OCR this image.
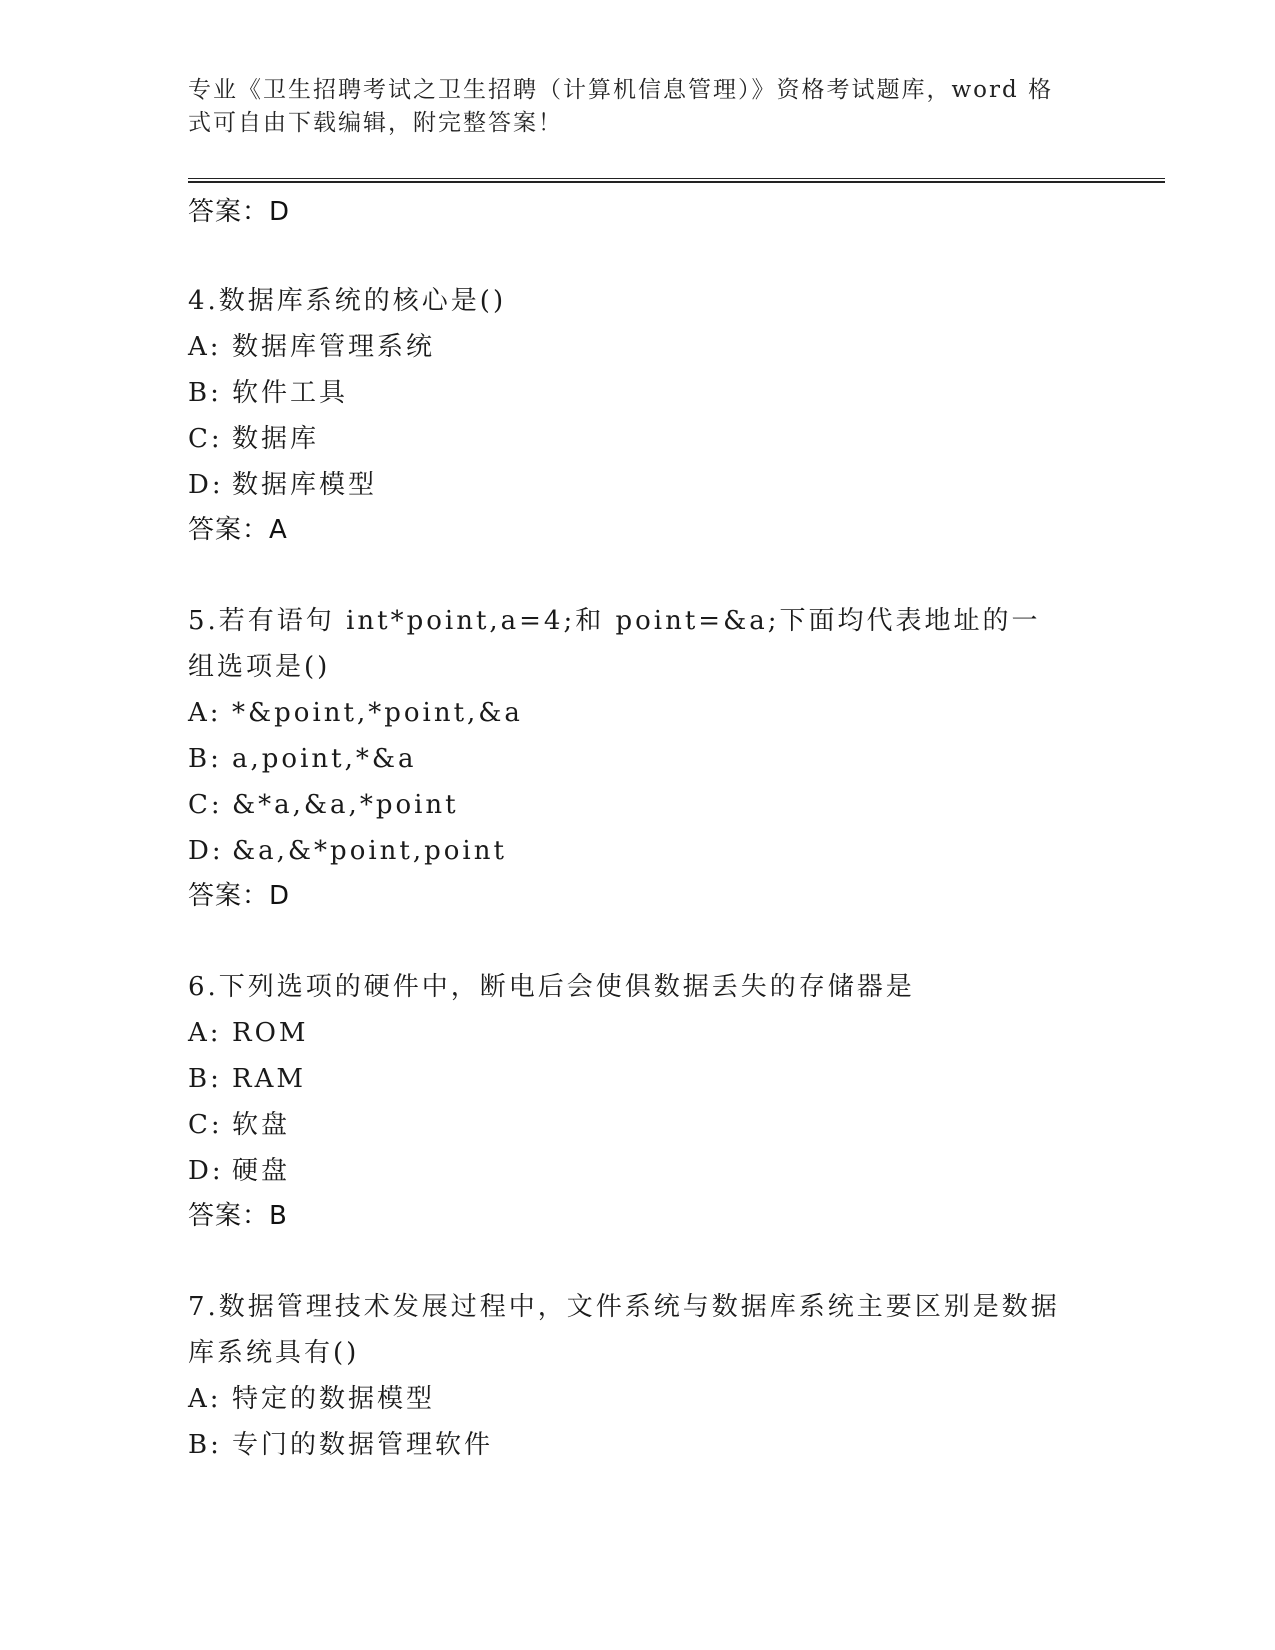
专业《卫生招聘考试之卫生招聘（计算机信息管理）》资格考试题库，word 格式可自由下载编辑，附完整答案！
答案：D
4.数据库系统的核心是()
A: 数据库管理系统
B: 软件工具
C: 数据库
D: 数据库模型
答案：A
5.若有语句 int*point,a=4;和 point=&a;下面均代表地址的一组选项是()
A: *&point,*point,&a
B: a,point,*&a
C: &*a,&a,*point
D: &a,&*point,point
答案：D
6.下列选项的硬件中，断电后会使俱数据丢失的存储器是
A: ROM
B: RAM
C: 软盘
D: 硬盘
答案：B
7.数据管理技术发展过程中，文件系统与数据库系统主要区别是数据库系统具有()
A: 特定的数据模型
B: 专门的数据管理软件
